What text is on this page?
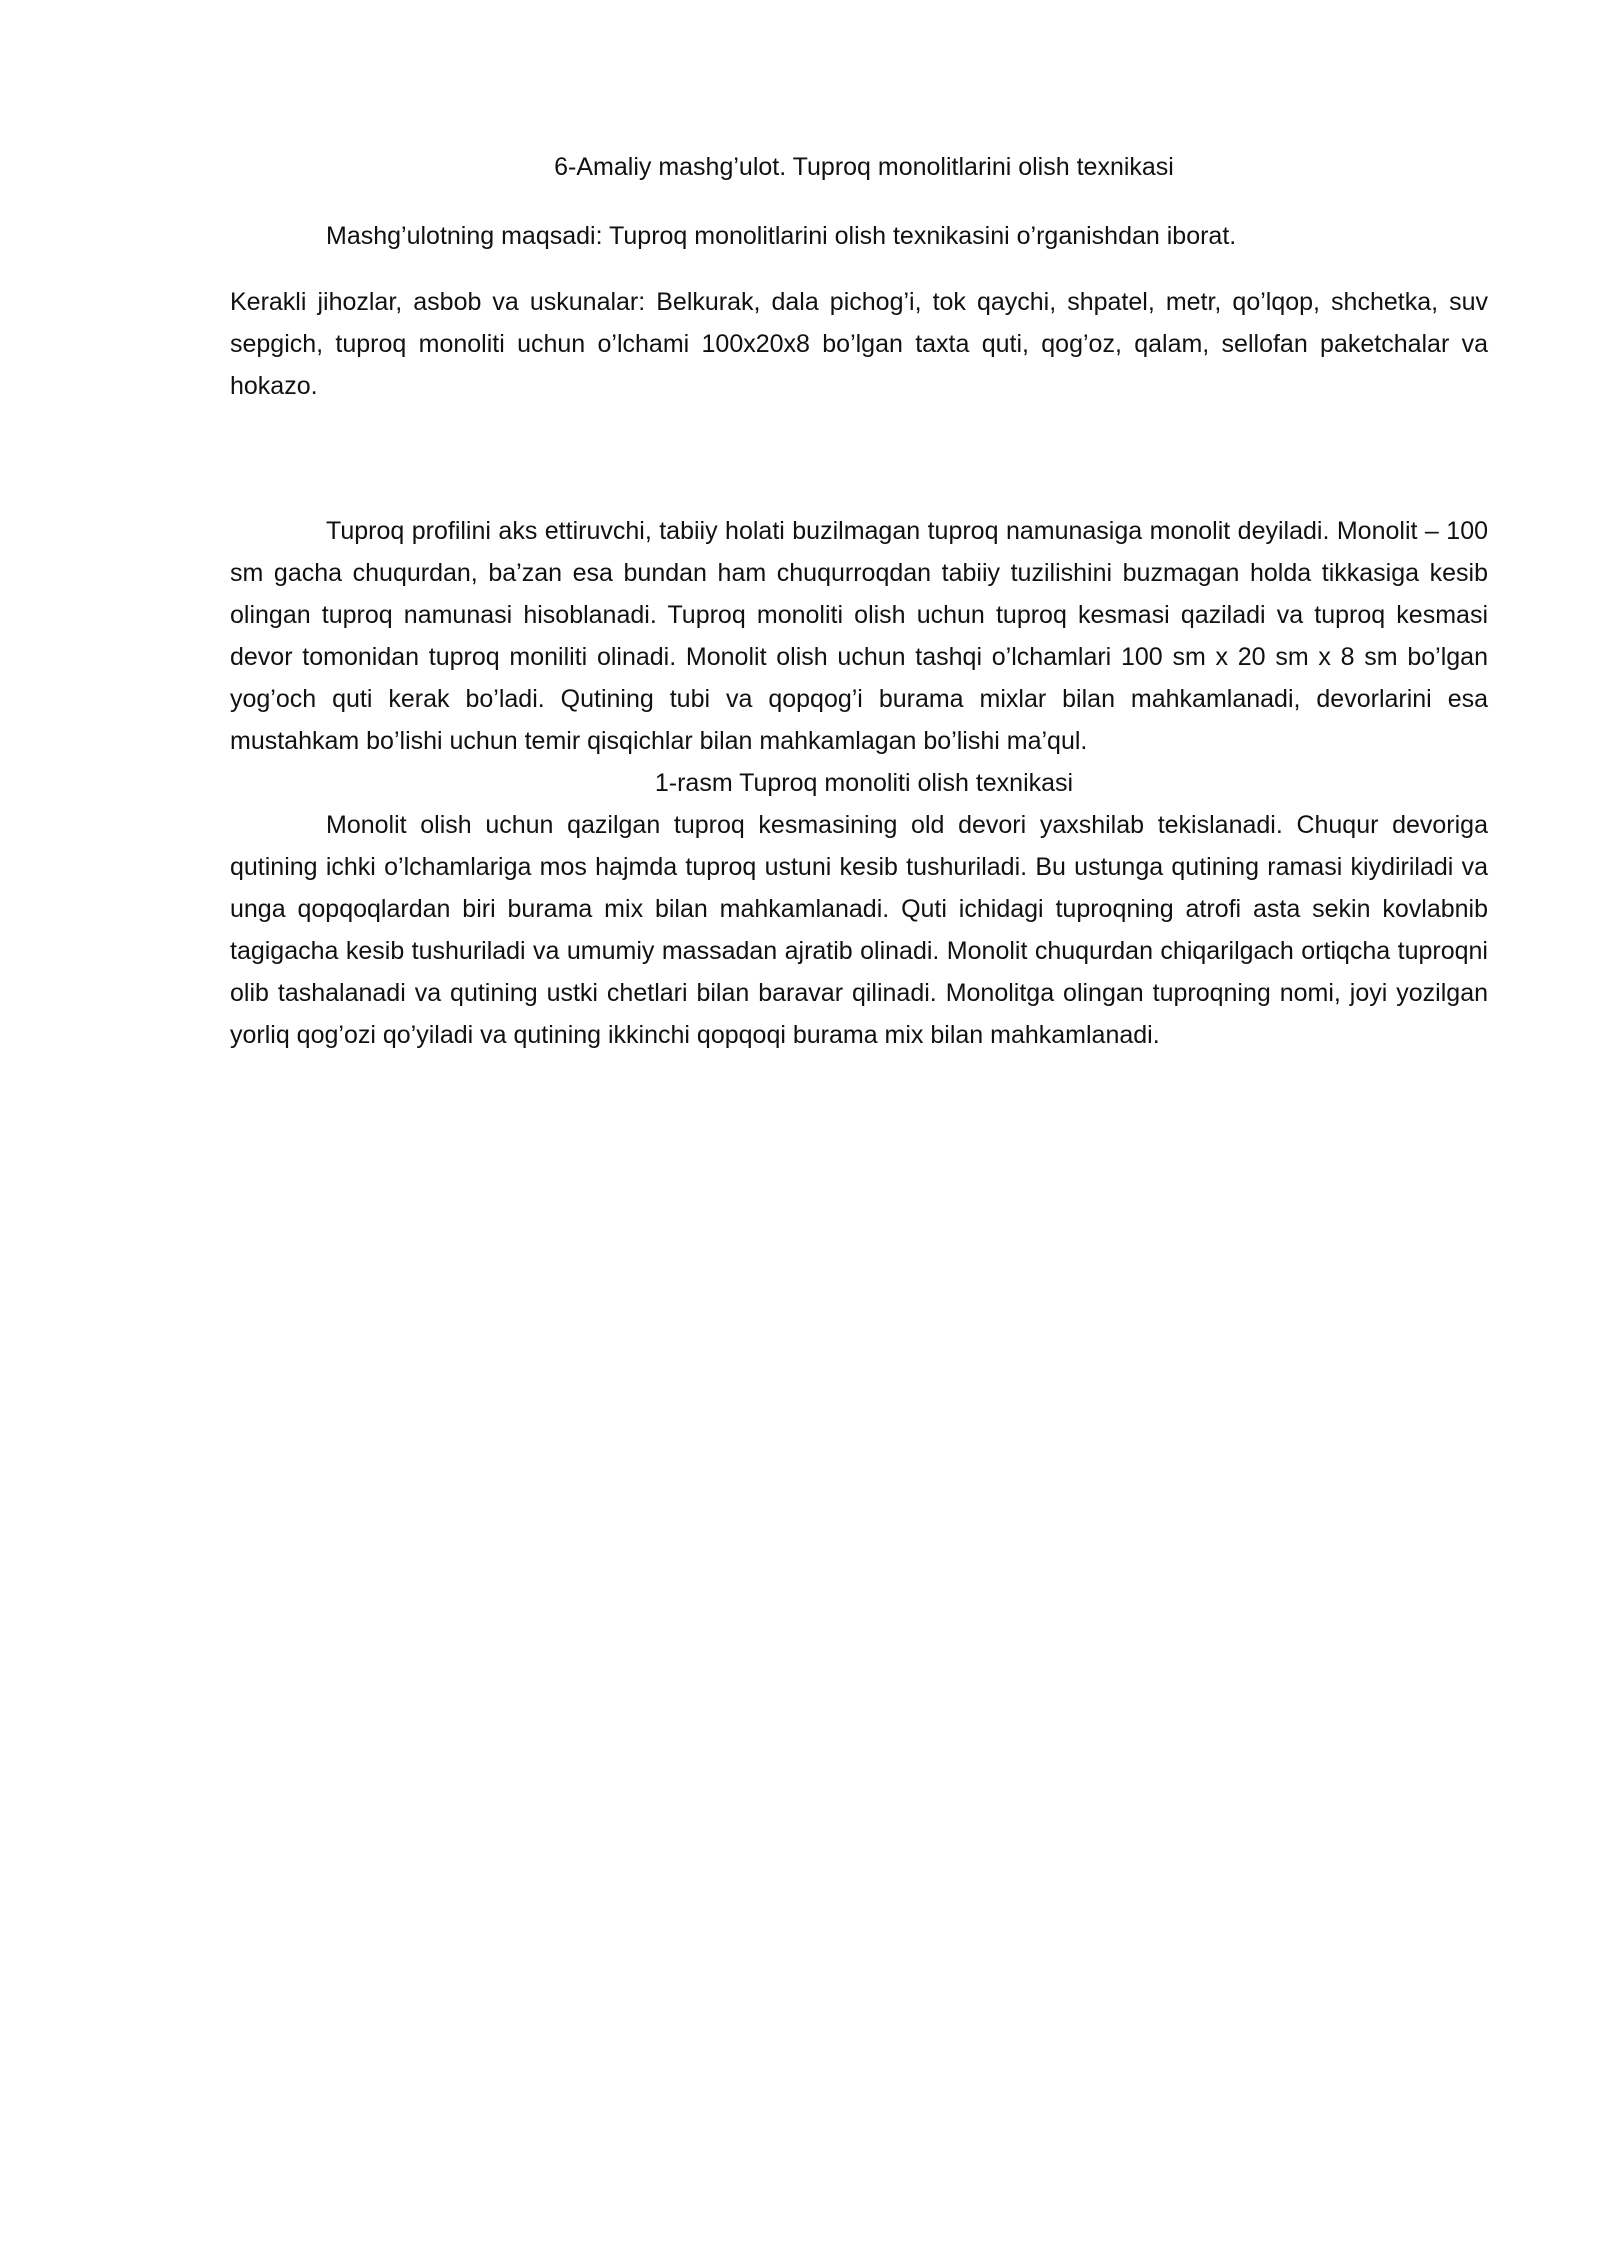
6-Amaliy mashg’ulot. Tuproq monolitlarini olish texnikasi

Mashg’ulotning maqsadi: Tuproq monolitlarini olish texnikasini o’rganishdan iborat.

Kerakli jihozlar, asbob va uskunalar: Belkurak, dala pichog’i, tok qaychi, shpatel, metr, qo’lqop, shchetka, suv sepgich, tuproq monoliti uchun o’lchami 100x20x8 bo’lgan taxta quti, qog’oz, qalam, sellofan paketchalar va hokazo.

Tuproq profilini aks ettiruvchi, tabiiy holati buzilmagan tuproq namunasiga monolit deyiladi. Monolit – 100 sm gacha chuqurdan, ba’zan esa bundan ham chuqurroqdan tabiiy tuzilishini buzmagan holda tikkasiga kesib olingan tuproq namunasi hisoblanadi. Tuproq monoliti olish uchun tuproq kesmasi qaziladi va tuproq kesmasi devor tomonidan tuproq moniliti olinadi. Monolit olish uchun tashqi o’lchamlari 100 sm x 20 sm x 8 sm bo’lgan yog’och quti kerak bo’ladi. Qutining tubi va qopqog’i burama mixlar bilan mahkamlanadi, devorlarini esa mustahkam bo’lishi uchun temir qisqichlar bilan mahkamlagan bo’lishi ma’qul.

1-rasm Tuproq monoliti olish texnikasi

Monolit olish uchun qazilgan tuproq kesmasining old devori yaxshilab tekislanadi. Chuqur devoriga qutining ichki o’lchamlariga mos hajmda tuproq ustuni kesib tushuriladi. Bu ustunga qutining ramasi kiydiriladi va unga qopqoqlardan biri burama mix bilan mahkamlanadi. Quti ichidagi tuproqning atrofi asta sekin kovlabnib tagigacha kesib tushuriladi va umumiy massadan ajratib olinadi. Monolit chuqurdan chiqarilgach ortiqcha tuproqni olib tashalanadi va qutining ustki chetlari bilan baravar qilinadi. Monolitga olingan tuproqning nomi, joyi yozilgan yorliq qog’ozi qo’yiladi va qutining ikkinchi qopqoqi burama mix bilan mahkamlanadi.
